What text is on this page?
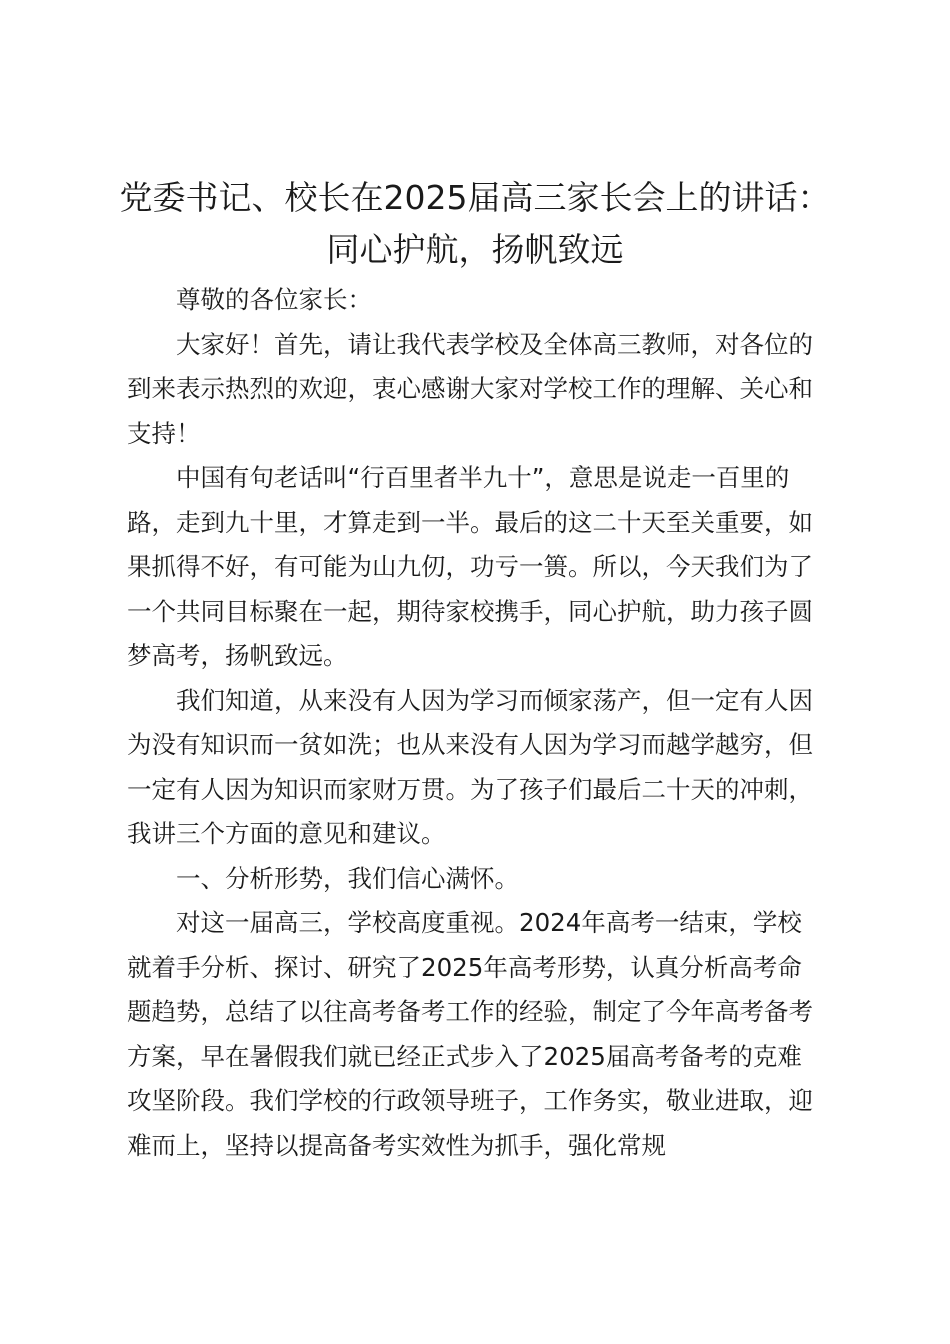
党委书记、校长在2025届高三家长会上的讲话：同心护航，扬帆致远

尊敬的各位家长：

大家好！首先，请让我代表学校及全体高三教师，对各位的到来表示热烈的欢迎，衷心感谢大家对学校工作的理解、关心和支持！

中国有句老话叫“行百里者半九十”，意思是说走一百里的路，走到九十里，才算走到一半。最后的这二十天至关重要，如果抓得不好，有可能为山九仞，功亏一篑。所以，今天我们为了一个共同目标聚在一起，期待家校携手，同心护航，助力孩子圆梦高考，扬帆致远。

我们知道，从来没有人因为学习而倾家荡产，但一定有人因为没有知识而一贫如洗；也从来没有人因为学习而越学越穷，但一定有人因为知识而家财万贯。为了孩子们最后二十天的冲刺，我讲三个方面的意见和建议。

一、分析形势，我们信心满怀。

对这一届高三，学校高度重视。2024年高考一结束，学校就着手分析、探讨、研究了2025年高考形势，认真分析高考命题趋势，总结了以往高考备考工作的经验，制定了今年高考备考方案，早在暑假我们就已经正式步入了2025届高考备考的克难攻坚阶段。我们学校的行政领导班子，工作务实，敬业进取，迎难而上，坚持以提高备考实效性为抓手，强化常规
